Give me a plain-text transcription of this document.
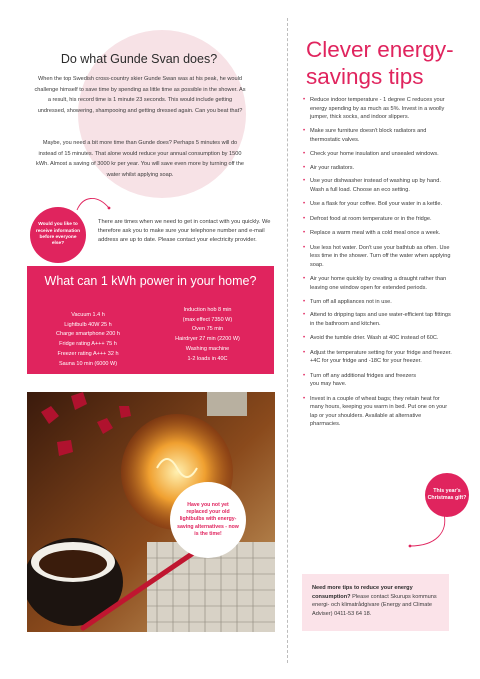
Do what Gunde Svan does?

When the top Swedish cross-country skier Gunde Swan was at his peak, he would challenge himself to save time by spending as little time as possible in the shower. As a result, his record time is 1 minute 23 seconds. This would include getting undressed, showering, shampooing and getting dressed again. Can you beat that?

Maybe, you need a bit more time than Gunde does? Perhaps 5 minutes will do instead of 15 minutes. That alone would reduce your annual consumption by 1500 kWh. Almost a saving of 3000 kr per year. You will save even more by turning off the water whilst applying soap.

Would you like to receive information before everyone else?

There are times when we need to get in contact with you quickly. We therefore ask you to make sure your telephone number and e-mail address are up to date. Please contact your electricity provider.

What can 1 kWh power in your home?
Vacuum 1.4 h
Lightbulb 40W 25 h
Charge smartphone 200 h
Fridge rating A+++ 75 h
Freezer rating A+++ 32 h
Sauna 10 min (6000 W)
Induction hob 8 min
(max effect 7350 W)
Oven 75 min
Hairdryer 27 min (2200 W)
Washing machine
1-2 loads in 40C
Have you not yet replaced your old lightbulbs with energy-saving alternatives - now is the time!
Clever energy-savings tips
• Reduce indoor temperature - 1 degree C reduces your energy spending by as much as 5%. Invest in a woolly jumper, thick socks, and indoor slippers.
• Make sure furniture doesn't block radiators and thermostatic valves.
• Check your home insulation and unsealed windows.
• Air your radiators.
• Use your dishwasher instead of washing up by hand. Wash a full load. Choose an eco setting.
• Use a flask for your coffee. Boil your water in a kettle.
• Defrost food at room temperature or in the fridge.
• Replace a warm meal with a cold meal once a week.
• Use less hot water. Don't use your bathtub as often. Use less time in the shower. Turn off the water when applying soap.
• Air your home quickly by creating a draught rather than leaving one window open for extended periods.
• Turn off all appliances not in use.
• Attend to dripping taps and use water-efficient tap fittings in the bathroom and kitchen.
• Avoid the tumble drier. Wash at 40C instead of 60C.
• Adjust the temperature setting for your fridge and freezer. +4C for your fridge and -18C for your freezer.
• Turn off any additional fridges and freezers you may have.
• Invest in a couple of wheat bags; they retain heat for many hours, keeping you warm in bed. Put one on your lap or your shoulders. Available at alternative pharmacies.
This year's Christmas gift?
Need more tips to reduce your energy consumption? Please contact Skurups kommuns energi- och klimatrådgivare (Energy and Climate Adviser) 0411-53 64 18.
